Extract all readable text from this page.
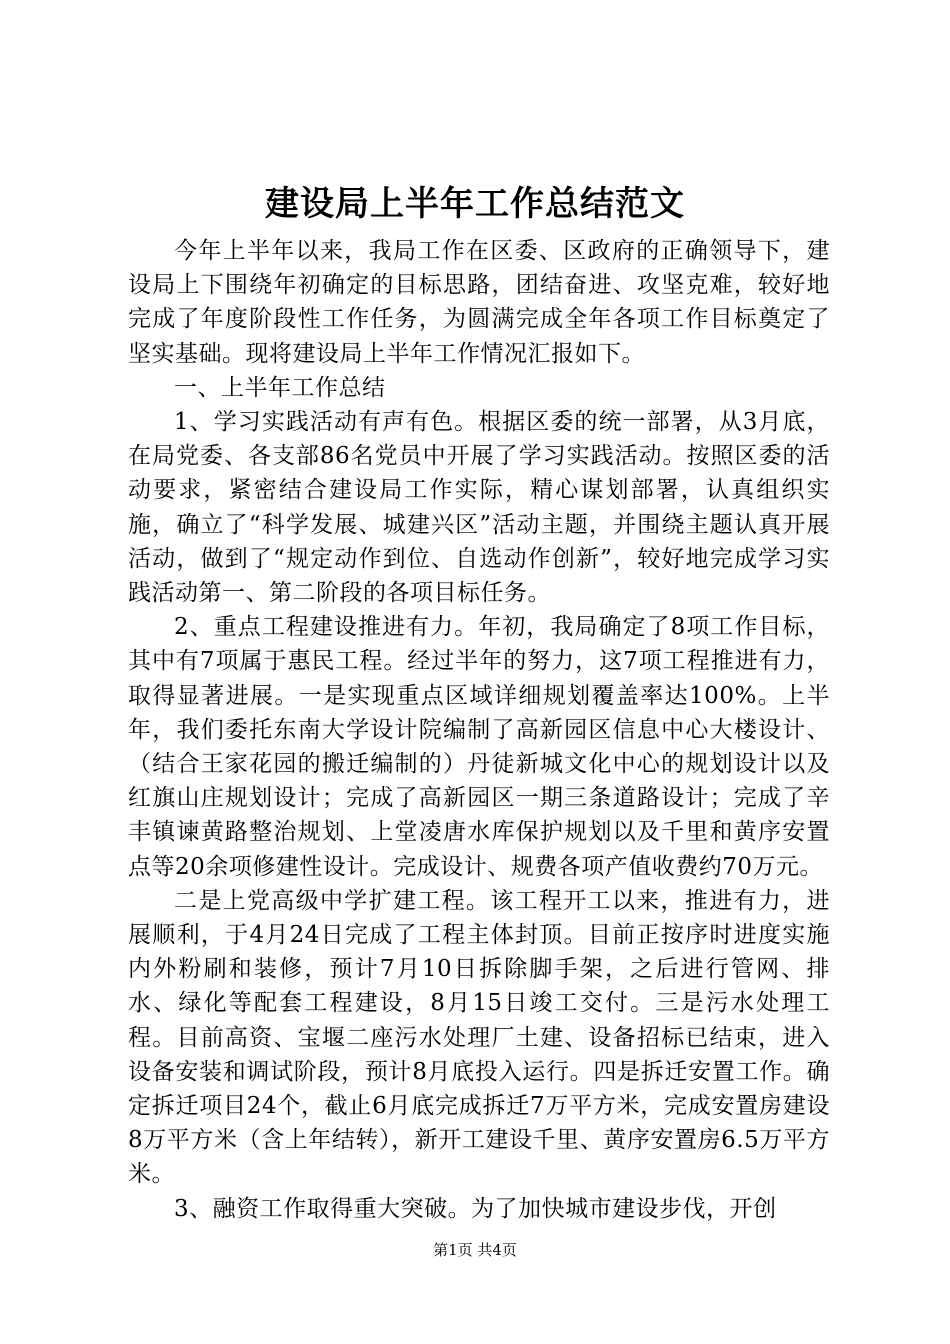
建设局上半年工作总结范文

今年上半年以来，我局工作在区委、区政府的正确领导下，建设局上下围绕年初确定的目标思路，团结奋进、攻坚克难，较好地完成了年度阶段性工作任务，为圆满完成全年各项工作目标奠定了坚实基础。现将建设局上半年工作情况汇报如下。

一、上半年工作总结

1、学习实践活动有声有色。根据区委的统一部署，从3月底，在局党委、各支部86名党员中开展了学习实践活动。按照区委的活动要求，紧密结合建设局工作实际，精心谋划部署，认真组织实施，确立了“科学发展、城建兴区”活动主题，并围绕主题认真开展活动，做到了“规定动作到位、自选动作创新”，较好地完成学习实践活动第一、第二阶段的各项目标任务。

2、重点工程建设推进有力。年初，我局确定了8项工作目标，其中有7项属于惠民工程。经过半年的努力，这7项工程推进有力，取得显著进展。一是实现重点区域详细规划覆盖率达100%。上半年，我们委托东南大学设计院编制了高新园区信息中心大楼设计、（结合王家花园的搬迁编制的）丹徒新城文化中心的规划设计以及红旗山庄规划设计；完成了高新园区一期三条道路设计；完成了辛丰镇谏黄路整治规划、上堂凌唐水库保护规划以及千里和黄序安置点等20余项修建性设计。完成设计、规费各项产值收费约70万元。

二是上党高级中学扩建工程。该工程开工以来，推进有力，进展顺利，于4月24日完成了工程主体封顶。目前正按序时进度实施内外粉刷和装修，预计7月10日拆除脚手架，之后进行管网、排水、绿化等配套工程建设，8月15日竣工交付。三是污水处理工程。目前高资、宝堰二座污水处理厂土建、设备招标已结束，进入设备安装和调试阶段，预计8月底投入运行。四是拆迁安置工作。确定拆迁项目24个，截止6月底完成拆迁7万平方米，完成安置房建设8万平方米（含上年结转），新开工建设千里、黄序安置房6.5万平方米。

3、融资工作取得重大突破。为了加快城市建设步伐，开创

第1页 共4页
